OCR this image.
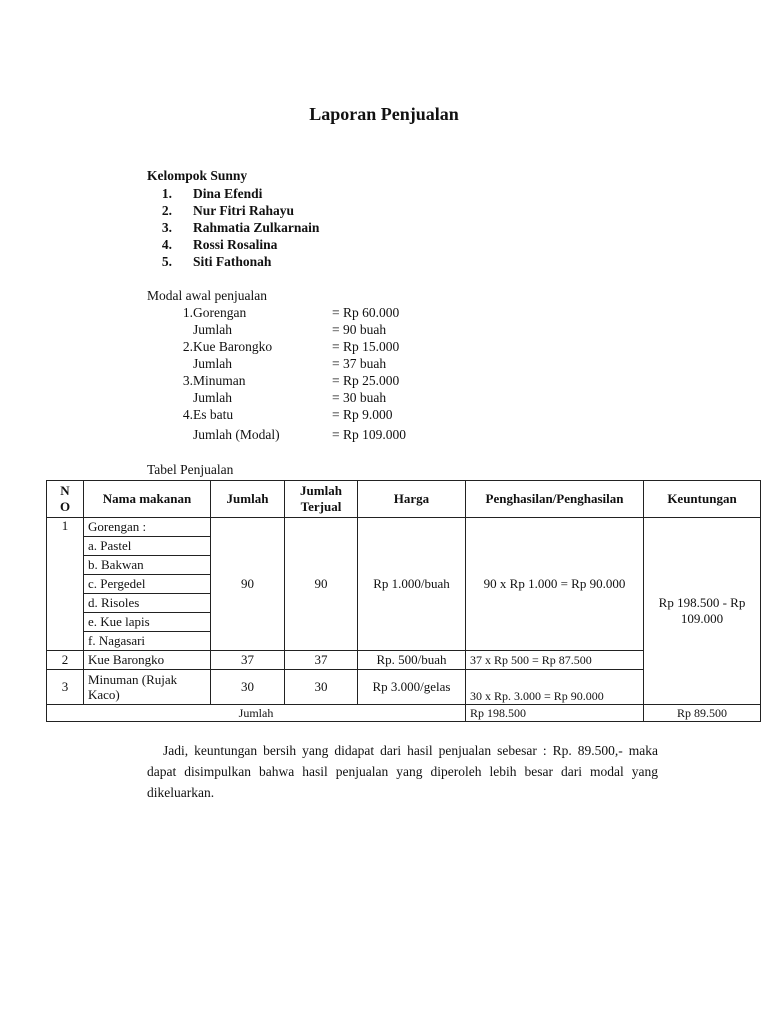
Laporan Penjualan
Kelompok Sunny
1.	Dina Efendi
2.	Nur Fitri Rahayu
3.	Rahmatia Zulkarnain
4.	Rossi Rosalina
5.	Siti Fathonah
Modal awal penjualan
1. Gorengan	= Rp 60.000
Jumlah	= 90 buah
2. Kue Barongko	= Rp 15.000
Jumlah	= 37 buah
3. Minuman	= Rp 25.000
Jumlah	= 30 buah
4. Es batu	= Rp 9.000
Jumlah (Modal)	= Rp 109.000
Tabel Penjualan
N O	Nama makanan	Jumlah	Jumlah Terjual	Harga	Penghasilan/Penghasilan	Keuntungan
1	Gorengan :	90	90	Rp 1.000/buah	90 x Rp 1.000 = Rp 90.000	Rp 198.500 - Rp 109.000
	a. Pastel					
	b. Bakwan					
	c. Pergedel					
	d. Risoles					
	e. Kue lapis					
	f. Nagasari					
2	Kue Barongko	37	37	Rp. 500/buah	37 x Rp 500 = Rp 87.500	
3	Minuman (Rujak Kaco)	30	30	Rp 3.000/gelas	30 x Rp. 3.000 = Rp 90.000	
Jumlah					Rp 198.500	Rp 89.500

Jadi, keuntungan bersih yang didapat dari hasil penjualan sebesar : Rp. 89.500,- maka dapat disimpulkan bahwa hasil penjualan yang diperoleh lebih besar dari modal yang dikeluarkan.
